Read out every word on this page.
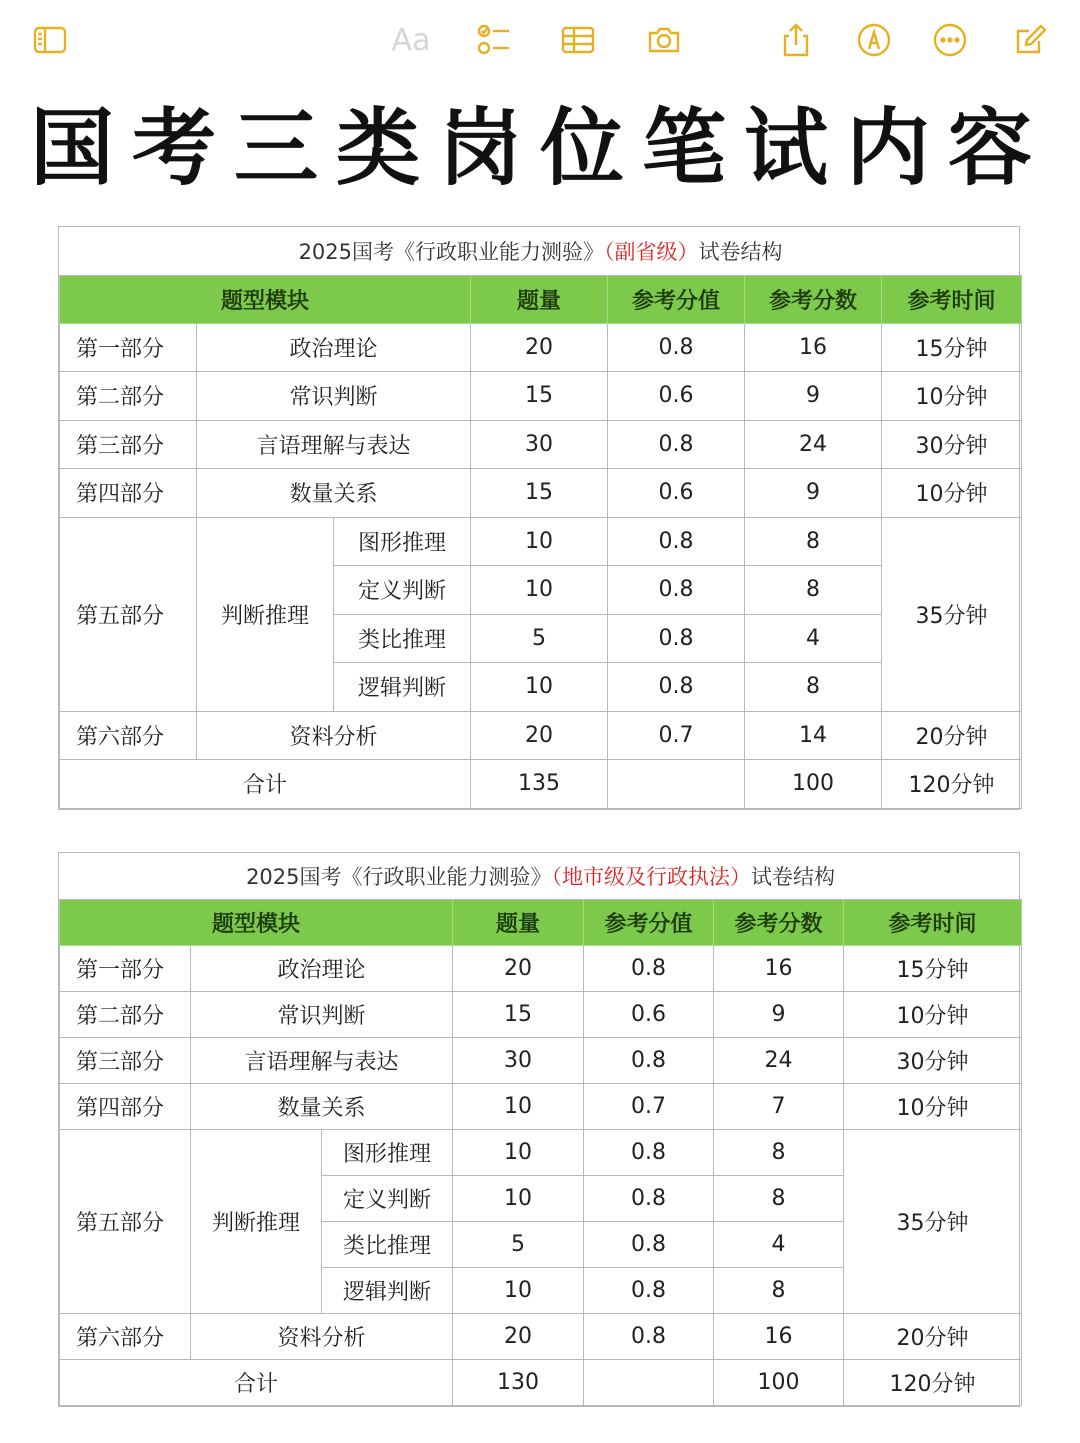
Aa
国考三类岗位笔试内容
2025国考《行政职业能力测验》（副省级）试卷结构						
题型模块			题量	参考分值	参考分数	参考时间
第一部分	政治理论		20	0.8	16	15分钟
第二部分	常识判断		15	0.6	9	10分钟
第三部分	言语理解与表达		30	0.8	24	30分钟
第四部分	数量关系		15	0.6	9	10分钟
第五部分	判断推理	图形推理	10	0.8	8	35分钟
		定义判断	10	0.8	8	
		类比推理	5	0.8	4	
		逻辑判断	10	0.8	8	
第六部分	资料分析		20	0.7	14	20分钟
合计			135		100	120分钟
2025国考《行政职业能力测验》（地市级及行政执法）试卷结构						
题型模块			题量	参考分值	参考分数	参考时间
第一部分	政治理论		20	0.8	16	15分钟
第二部分	常识判断		15	0.6	9	10分钟
第三部分	言语理解与表达		30	0.8	24	30分钟
第四部分	数量关系		10	0.7	7	10分钟
第五部分	判断推理	图形推理	10	0.8	8	35分钟
		定义判断	10	0.8	8	
		类比推理	5	0.8	4	
		逻辑判断	10	0.8	8	
第六部分	资料分析		20	0.8	16	20分钟
合计			130		100	120分钟
